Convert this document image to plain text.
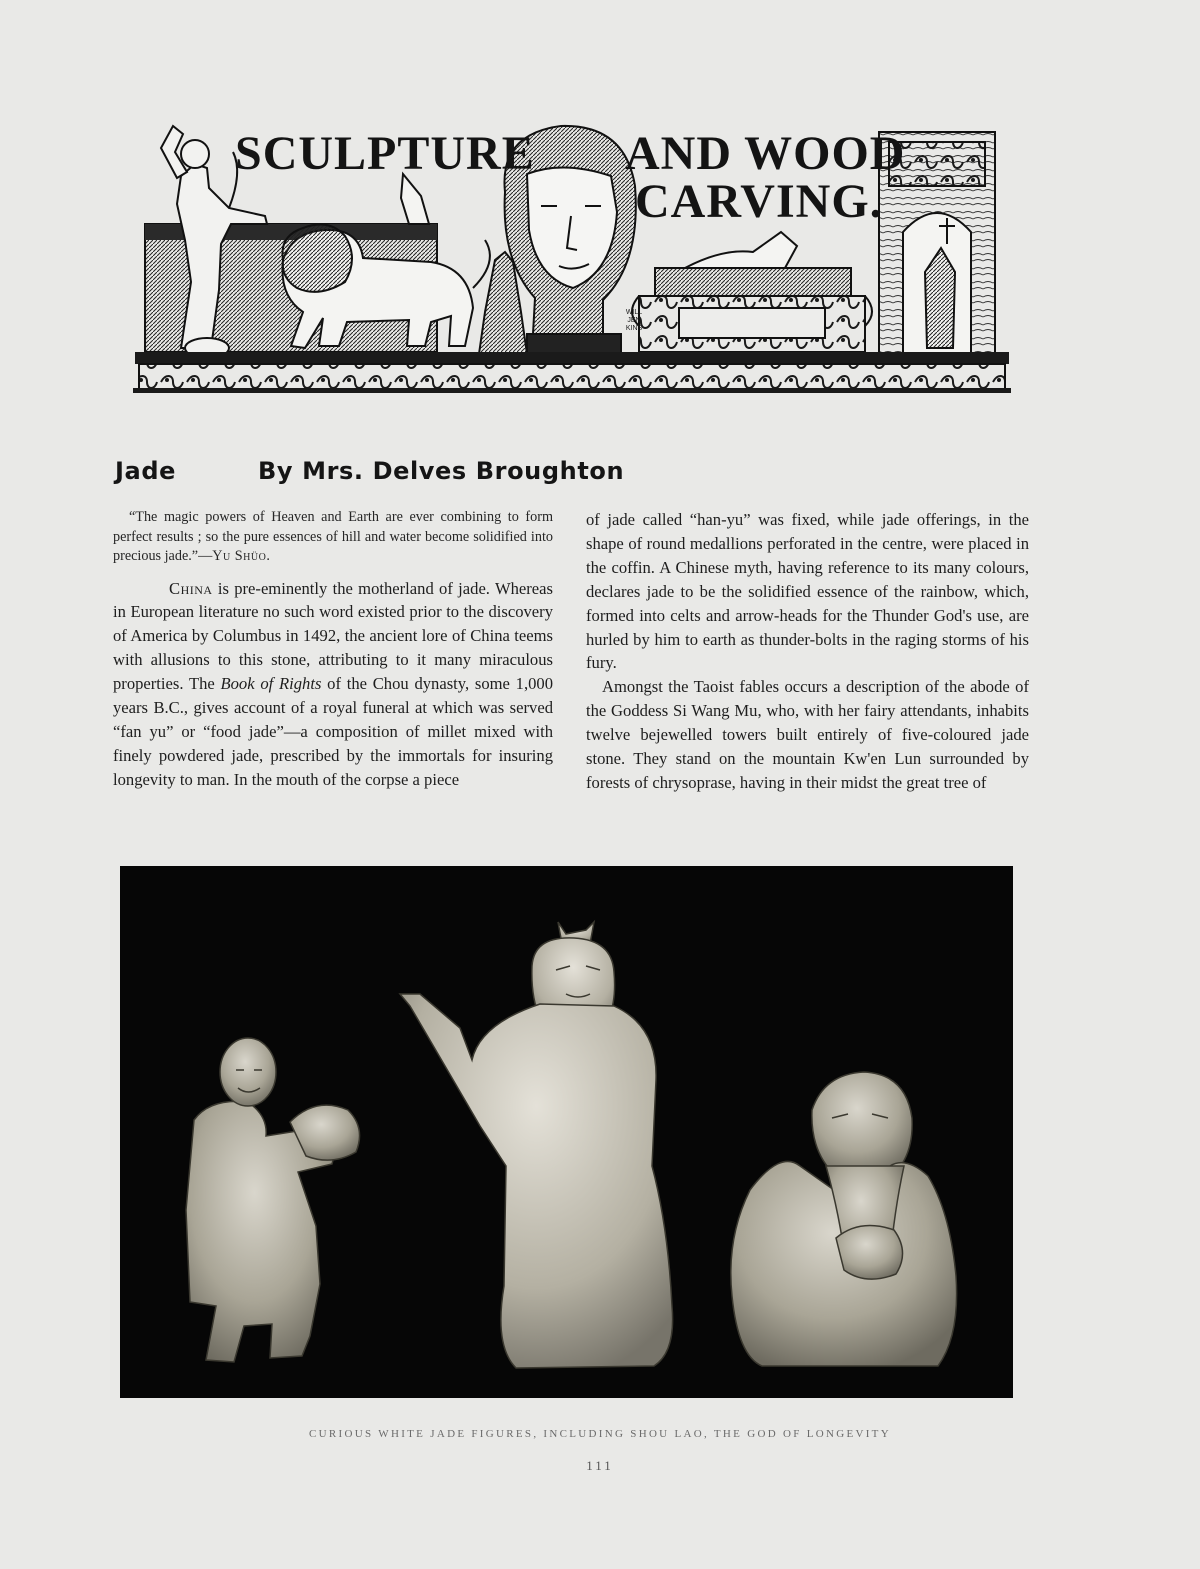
SCULPTURE AND WOOD
CARVING.
WILL
JEN
KINS
Jade	By Mrs. Delves Broughton

“The magic powers of Heaven and Earth are ever combining to form perfect results ; so the pure essences of hill and water become solidified into precious jade.”—Yu Shüo.

China is pre-eminently the motherland of jade. Whereas in European literature no such word existed prior to the discovery of America by Columbus in 1492, the ancient lore of China teems with allusions to this stone, attributing to it many miraculous properties. The Book of Rights of the Chou dynasty, some 1,000 years B.C., gives account of a royal funeral at which was served “fan yu” or “food jade”—a composition of millet mixed with finely powdered jade, prescribed by the immortals for insuring longevity to man. In the mouth of the corpse a piece

of jade called “han-yu” was fixed, while jade offerings, in the shape of round medallions perforated in the centre, were placed in the coffin. A Chinese myth, having reference to its many colours, declares jade to be the solidified essence of the rainbow, which, formed into celts and arrow-heads for the Thunder God's use, are hurled by him to earth as thunder-bolts in the raging storms of his fury.

Amongst the Taoist fables occurs a description of the abode of the Goddess Si Wang Mu, who, with her fairy attendants, inhabits twelve bejewelled towers built entirely of five-coloured jade stone. They stand on the mountain Kw'en Lun surrounded by forests of chrysoprase, having in their midst the great tree of

CURIOUS WHITE JADE FIGURES, INCLUDING SHOU LAO, THE GOD OF LONGEVITY

111
